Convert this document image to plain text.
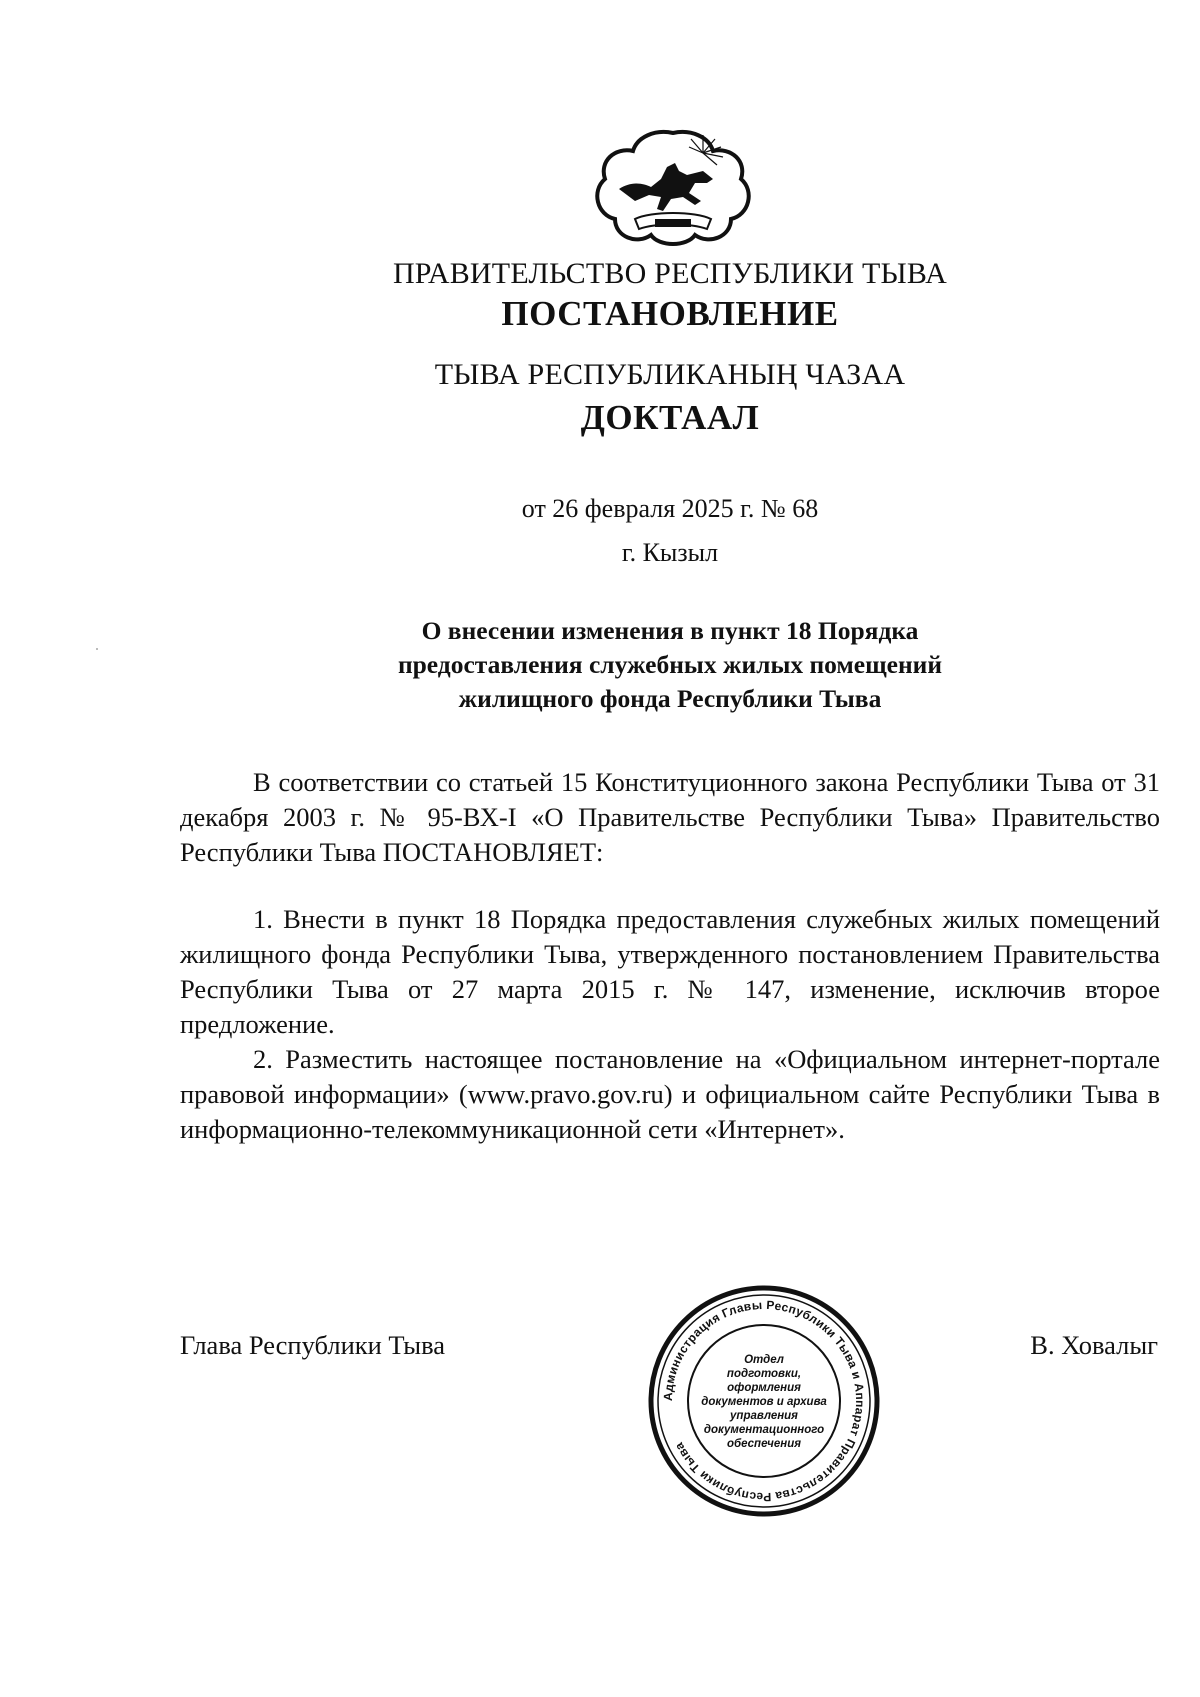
ПРАВИТЕЛЬСТВО РЕСПУБЛИКИ ТЫВА
ПОСТАНОВЛЕНИЕ
ТЫВА РЕСПУБЛИКАНЫҢ ЧАЗАА
ДОКТААЛ
от 26 февраля 2025 г. № 68
г. Кызыл
О внесении изменения в пункт 18 Порядка
предоставления служебных жилых помещений
жилищного фонда Республики Тыва

В соответствии со статьей 15 Конституционного закона Республики Тыва от 31 декабря 2003 г. № 95-ВХ-I «О Правительстве Республики Тыва» Правительство Республики Тыва ПОСТАНОВЛЯЕТ:

1. Внести в пункт 18 Порядка предоставления служебных жилых помещений жилищного фонда Республики Тыва, утвержденного постановлением Правительства Республики Тыва от 27 марта 2015 г. № 147, изменение, исключив второе предложение.

2. Разместить настоящее постановление на «Официальном интернет-портале правовой информации» (www.pravo.gov.ru) и официальном сайте Республики Тыва в информационно-телекоммуникационной сети «Интернет».

Глава Республики Тыва	В. Ховалыг
Администрация Главы Республики Тыва и Аппарат Правительства Республики Тыва
Отдел
подготовки,
оформления
документов и архива
управления
документационного
обеспечения
